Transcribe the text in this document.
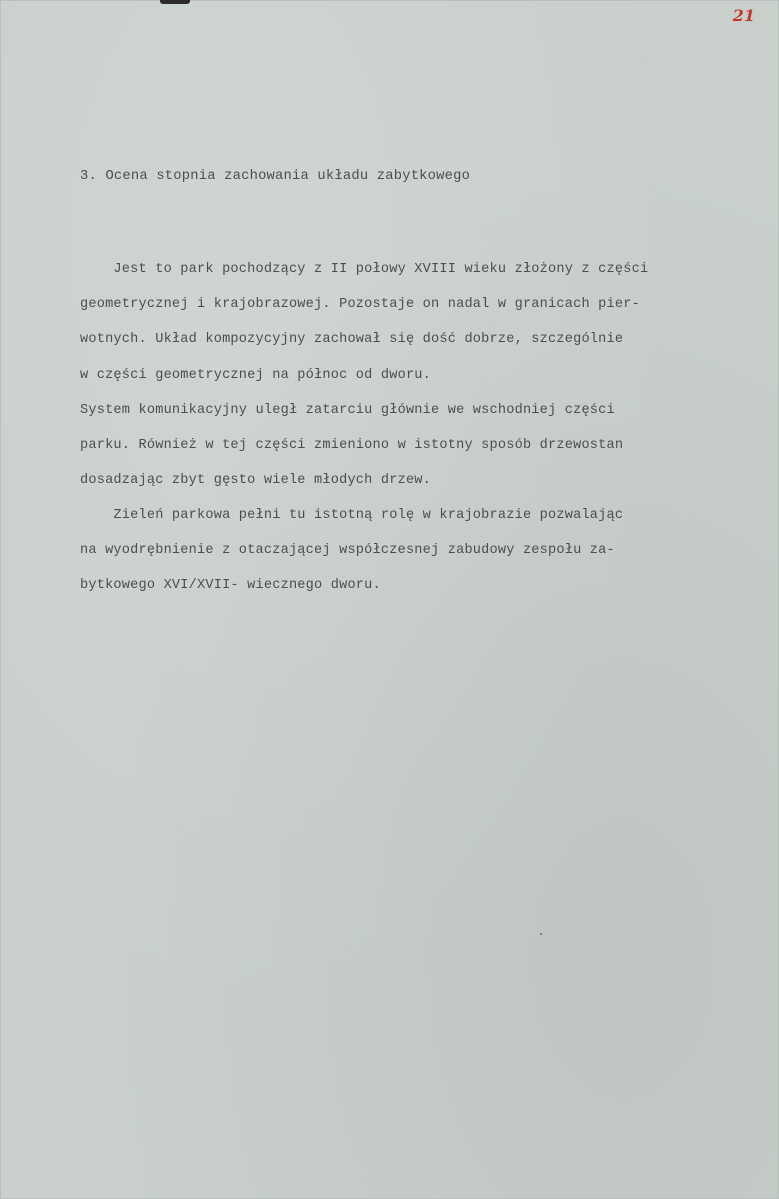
21
3. Ocena stopnia zachowania układu zabytkowego
Jest to park pochodzący z II połowy XVIII wieku złożony z części
geometrycznej i krajobrazowej. Pozostaje on nadal w granicach pier-
wotnych. Układ kompozycyjny zachował się dość dobrze, szczególnie
w części geometrycznej na północ od dworu.
System komunikacyjny uległ zatarciu głównie we wschodniej części
parku. Również w tej części zmieniono w istotny sposób drzewostan
dosadzając zbyt gęsto wiele młodych drzew.
Zieleń parkowa pełni tu istotną rolę w krajobrazie pozwalając
na wyodrębnienie z otaczającej współczesnej zabudowy zespołu za-
bytkowego XVI/XVII- wiecznego dworu.
